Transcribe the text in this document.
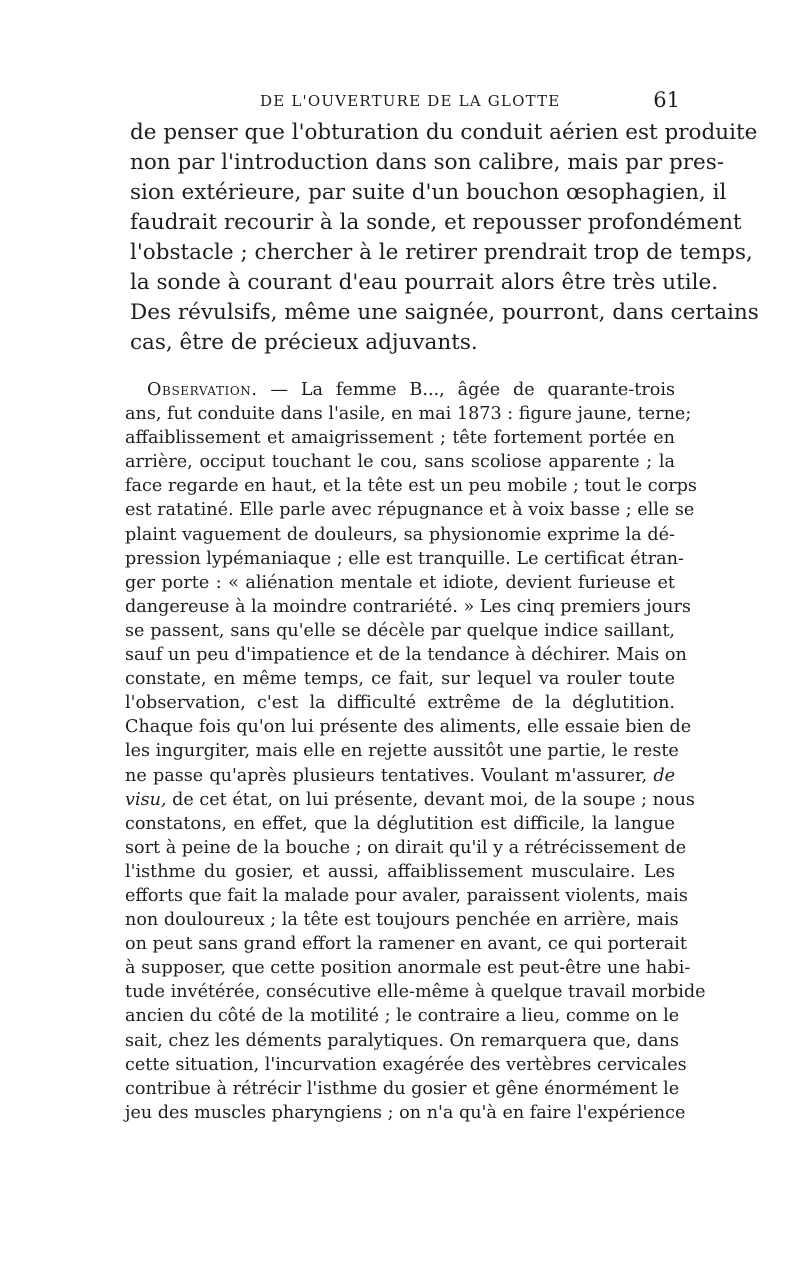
DE L'OUVERTURE DE LA GLOTTE	61
de penser que l'obturation du conduit aérien est produite
non par l'introduction dans son calibre, mais par pres-
sion extérieure, par suite d'un bouchon œsophagien, il
faudrait recourir à la sonde, et repousser profondément
l'obstacle ; chercher à le retirer prendrait trop de temps,
la sonde à courant d'eau pourrait alors être très utile.
Des révulsifs, même une saignée, pourront, dans certains
cas, être de précieux adjuvants.
Observation. — La femme B..., âgée de quarante-trois
ans, fut conduite dans l'asile, en mai 1873 : figure jaune, terne;
affaiblissement et amaigrissement ; tête fortement portée en
arrière, occiput touchant le cou, sans scoliose apparente ; la
face regarde en haut, et la tête est un peu mobile ; tout le corps
est ratatiné. Elle parle avec répugnance et à voix basse ; elle se
plaint vaguement de douleurs, sa physionomie exprime la dé-
pression lypémaniaque ; elle est tranquille. Le certificat étran-
ger porte : « aliénation mentale et idiote, devient furieuse et
dangereuse à la moindre contrariété. » Les cinq premiers jours
se passent, sans qu'elle se décèle par quelque indice saillant,
sauf un peu d'impatience et de la tendance à déchirer. Mais on
constate, en même temps, ce fait, sur lequel va rouler toute
l'observation, c'est la difficulté extrême de la déglutition.
Chaque fois qu'on lui présente des aliments, elle essaie bien de
les ingurgiter, mais elle en rejette aussitôt une partie, le reste
ne passe qu'après plusieurs tentatives. Voulant m'assurer, de
visu, de cet état, on lui présente, devant moi, de la soupe ; nous
constatons, en effet, que la déglutition est difficile, la langue
sort à peine de la bouche ; on dirait qu'il y a rétrécissement de
l'isthme du gosier, et aussi, affaiblissement musculaire. Les
efforts que fait la malade pour avaler, paraissent violents, mais
non douloureux ; la tête est toujours penchée en arrière, mais
on peut sans grand effort la ramener en avant, ce qui porterait
à supposer, que cette position anormale est peut-être une habi-
tude invétérée, consécutive elle-même à quelque travail morbide
ancien du côté de la motilité ; le contraire a lieu, comme on le
sait, chez les déments paralytiques. On remarquera que, dans
cette situation, l'incurvation exagérée des vertèbres cervicales
contribue à rétrécir l'isthme du gosier et gêne énormément le
jeu des muscles pharyngiens ; on n'a qu'à en faire l'expérience
